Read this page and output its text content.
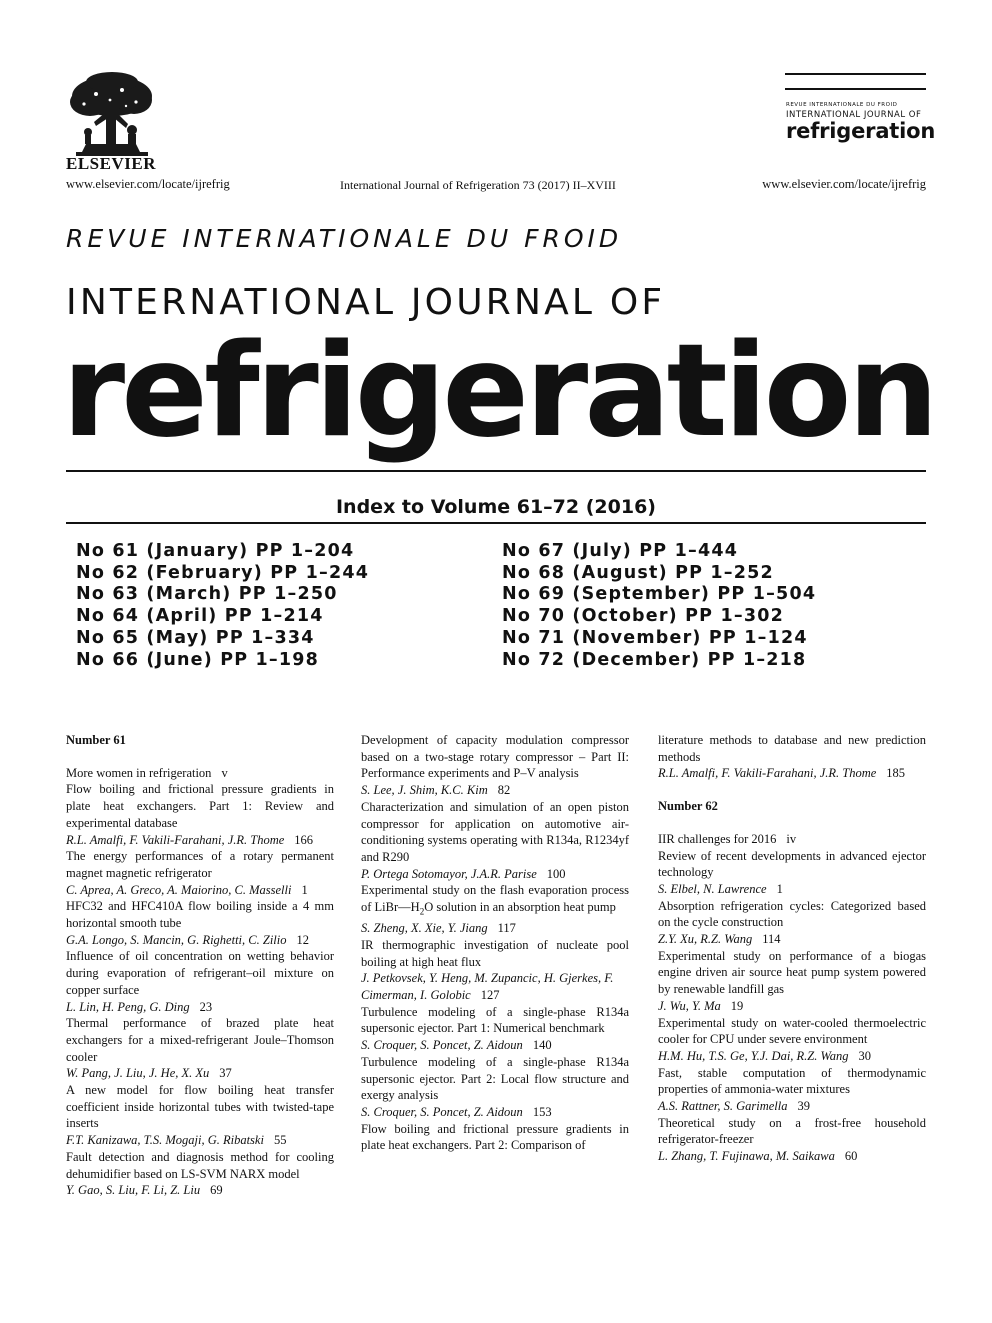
ELSEVIER
www.elsevier.com/locate/ijrefrig	International Journal of Refrigeration 73 (2017) II–XVIII	www.elsevier.com/locate/ijrefrig
REVUE INTERNATIONALE DU FROID
INTERNATIONAL JOURNAL OF
refrigeration
REVUE INTERNATIONALE DU FROID
INTERNATIONAL JOURNAL OF
refrigeration
Index to Volume 61–72 (2016)
No 61 (January) PP 1–204
No 62 (February) PP 1–244
No 63 (March) PP 1–250
No 64 (April) PP 1–214
No 65 (May) PP 1–334
No 66 (June) PP 1–198
No 67 (July) PP 1–444
No 68 (August) PP 1–252
No 69 (September) PP 1–504
No 70 (October) PP 1–302
No 71 (November) PP 1–124
No 72 (December) PP 1–218
Number 61
More women in refrigeration v
Flow boiling and frictional pressure gradients in plate heat exchangers. Part 1: Review and experimental database
R.L. Amalfi, F. Vakili-Farahani, J.R. Thome 166
The energy performances of a rotary permanent magnet magnetic refrigerator
C. Aprea, A. Greco, A. Maiorino, C. Masselli 1
HFC32 and HFC410A flow boiling inside a 4 mm horizontal smooth tube
G.A. Longo, S. Mancin, G. Righetti, C. Zilio 12
Influence of oil concentration on wetting behavior during evaporation of refrigerant–oil mixture on copper surface
L. Lin, H. Peng, G. Ding 23
Thermal performance of brazed plate heat exchangers for a mixed-refrigerant Joule–Thomson cooler
W. Pang, J. Liu, J. He, X. Xu 37
A new model for flow boiling heat transfer coefficient inside horizontal tubes with twisted-tape inserts
F.T. Kanizawa, T.S. Mogaji, G. Ribatski 55
Fault detection and diagnosis method for cooling dehumidifier based on LS-SVM NARX model
Y. Gao, S. Liu, F. Li, Z. Liu 69
Development of capacity modulation compressor based on a two-stage rotary compressor – Part II: Performance experiments and P–V analysis
S. Lee, J. Shim, K.C. Kim 82
Characterization and simulation of an open piston compressor for application on automotive air-conditioning systems operating with R134a, R1234yf and R290
P. Ortega Sotomayor, J.A.R. Parise 100
Experimental study on the flash evaporation process of $LiBr—H_2O$ solution in an absorption heat pump
S. Zheng, X. Xie, Y. Jiang 117
IR thermographic investigation of nucleate pool boiling at high heat flux
J. Petkovsek, Y. Heng, M. Zupancic, H. Gjerkes, F. Cimerman, I. Golobic 127
Turbulence modeling of a single-phase R134a supersonic ejector. Part 1: Numerical benchmark
S. Croquer, S. Poncet, Z. Aidoun 140
Turbulence modeling of a single-phase R134a supersonic ejector. Part 2: Local flow structure and exergy analysis
S. Croquer, S. Poncet, Z. Aidoun 153
Flow boiling and frictional pressure gradients in plate heat exchangers. Part 2: Comparison of
literature methods to database and new prediction methods
R.L. Amalfi, F. Vakili-Farahani, J.R. Thome 185
Number 62
IIR challenges for 2016 iv
Review of recent developments in advanced ejector technology
S. Elbel, N. Lawrence 1
Absorption refrigeration cycles: Categorized based on the cycle construction
Z.Y. Xu, R.Z. Wang 114
Experimental study on performance of a biogas engine driven air source heat pump system powered by renewable landfill gas
J. Wu, Y. Ma 19
Experimental study on water-cooled thermoelectric cooler for CPU under severe environment
H.M. Hu, T.S. Ge, Y.J. Dai, R.Z. Wang 30
Fast, stable computation of thermodynamic properties of ammonia-water mixtures
A.S. Rattner, S. Garimella 39
Theoretical study on a frost-free household refrigerator-freezer
L. Zhang, T. Fujinawa, M. Saikawa 60
